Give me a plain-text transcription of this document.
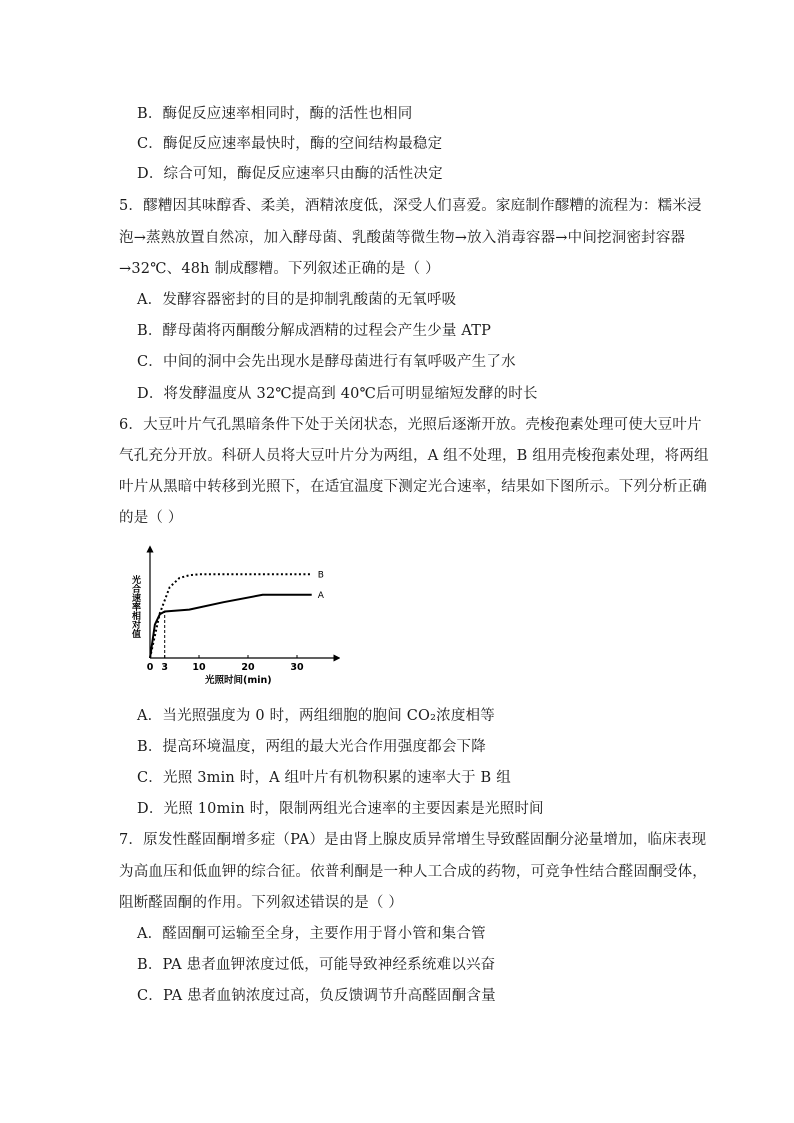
B．酶促反应速率相同时，酶的活性也相同
C．酶促反应速率最快时，酶的空间结构最稳定
D．综合可知，酶促反应速率只由酶的活性决定
5．醪糟因其味醇香、柔美，酒精浓度低，深受人们喜爱。家庭制作醪糟的流程为：糯米浸
泡→蒸熟放置自然凉，加入酵母菌、乳酸菌等微生物→放入消毒容器→中间挖洞密封容器
→32℃、48h 制成醪糟。下列叙述正确的是（ ）
A．发酵容器密封的目的是抑制乳酸菌的无氧呼吸
B．酵母菌将丙酮酸分解成酒精的过程会产生少量 ATP
C．中间的洞中会先出现水是酵母菌进行有氧呼吸产生了水
D．将发酵温度从 32℃提高到 40℃后可明显缩短发酵的时长
6．大豆叶片气孔黑暗条件下处于关闭状态，光照后逐渐开放。壳梭孢素处理可使大豆叶片
气孔充分开放。科研人员将大豆叶片分为两组，A 组不处理，B 组用壳梭孢素处理，将两组
叶片从黑暗中转移到光照下，在适宜温度下测定光合速率，结果如下图所示。下列分析正确
的是（ ）
0 3	10	20	30
B
A
光合速率相对值
光照时间(min)
A．当光照强度为 0 时，两组细胞的胞间 CO₂浓度相等
B．提高环境温度，两组的最大光合作用强度都会下降
C．光照 3min 时，A 组叶片有机物积累的速率大于 B 组
D．光照 10min 时，限制两组光合速率的主要因素是光照时间
7．原发性醛固酮增多症（PA）是由肾上腺皮质异常增生导致醛固酮分泌量增加，临床表现
为高血压和低血钾的综合征。依普利酮是一种人工合成的药物，可竞争性结合醛固酮受体，
阻断醛固酮的作用。下列叙述错误的是（ ）
A．醛固酮可运输至全身，主要作用于肾小管和集合管
B．PA 患者血钾浓度过低，可能导致神经系统难以兴奋
C．PA 患者血钠浓度过高，负反馈调节升高醛固酮含量
